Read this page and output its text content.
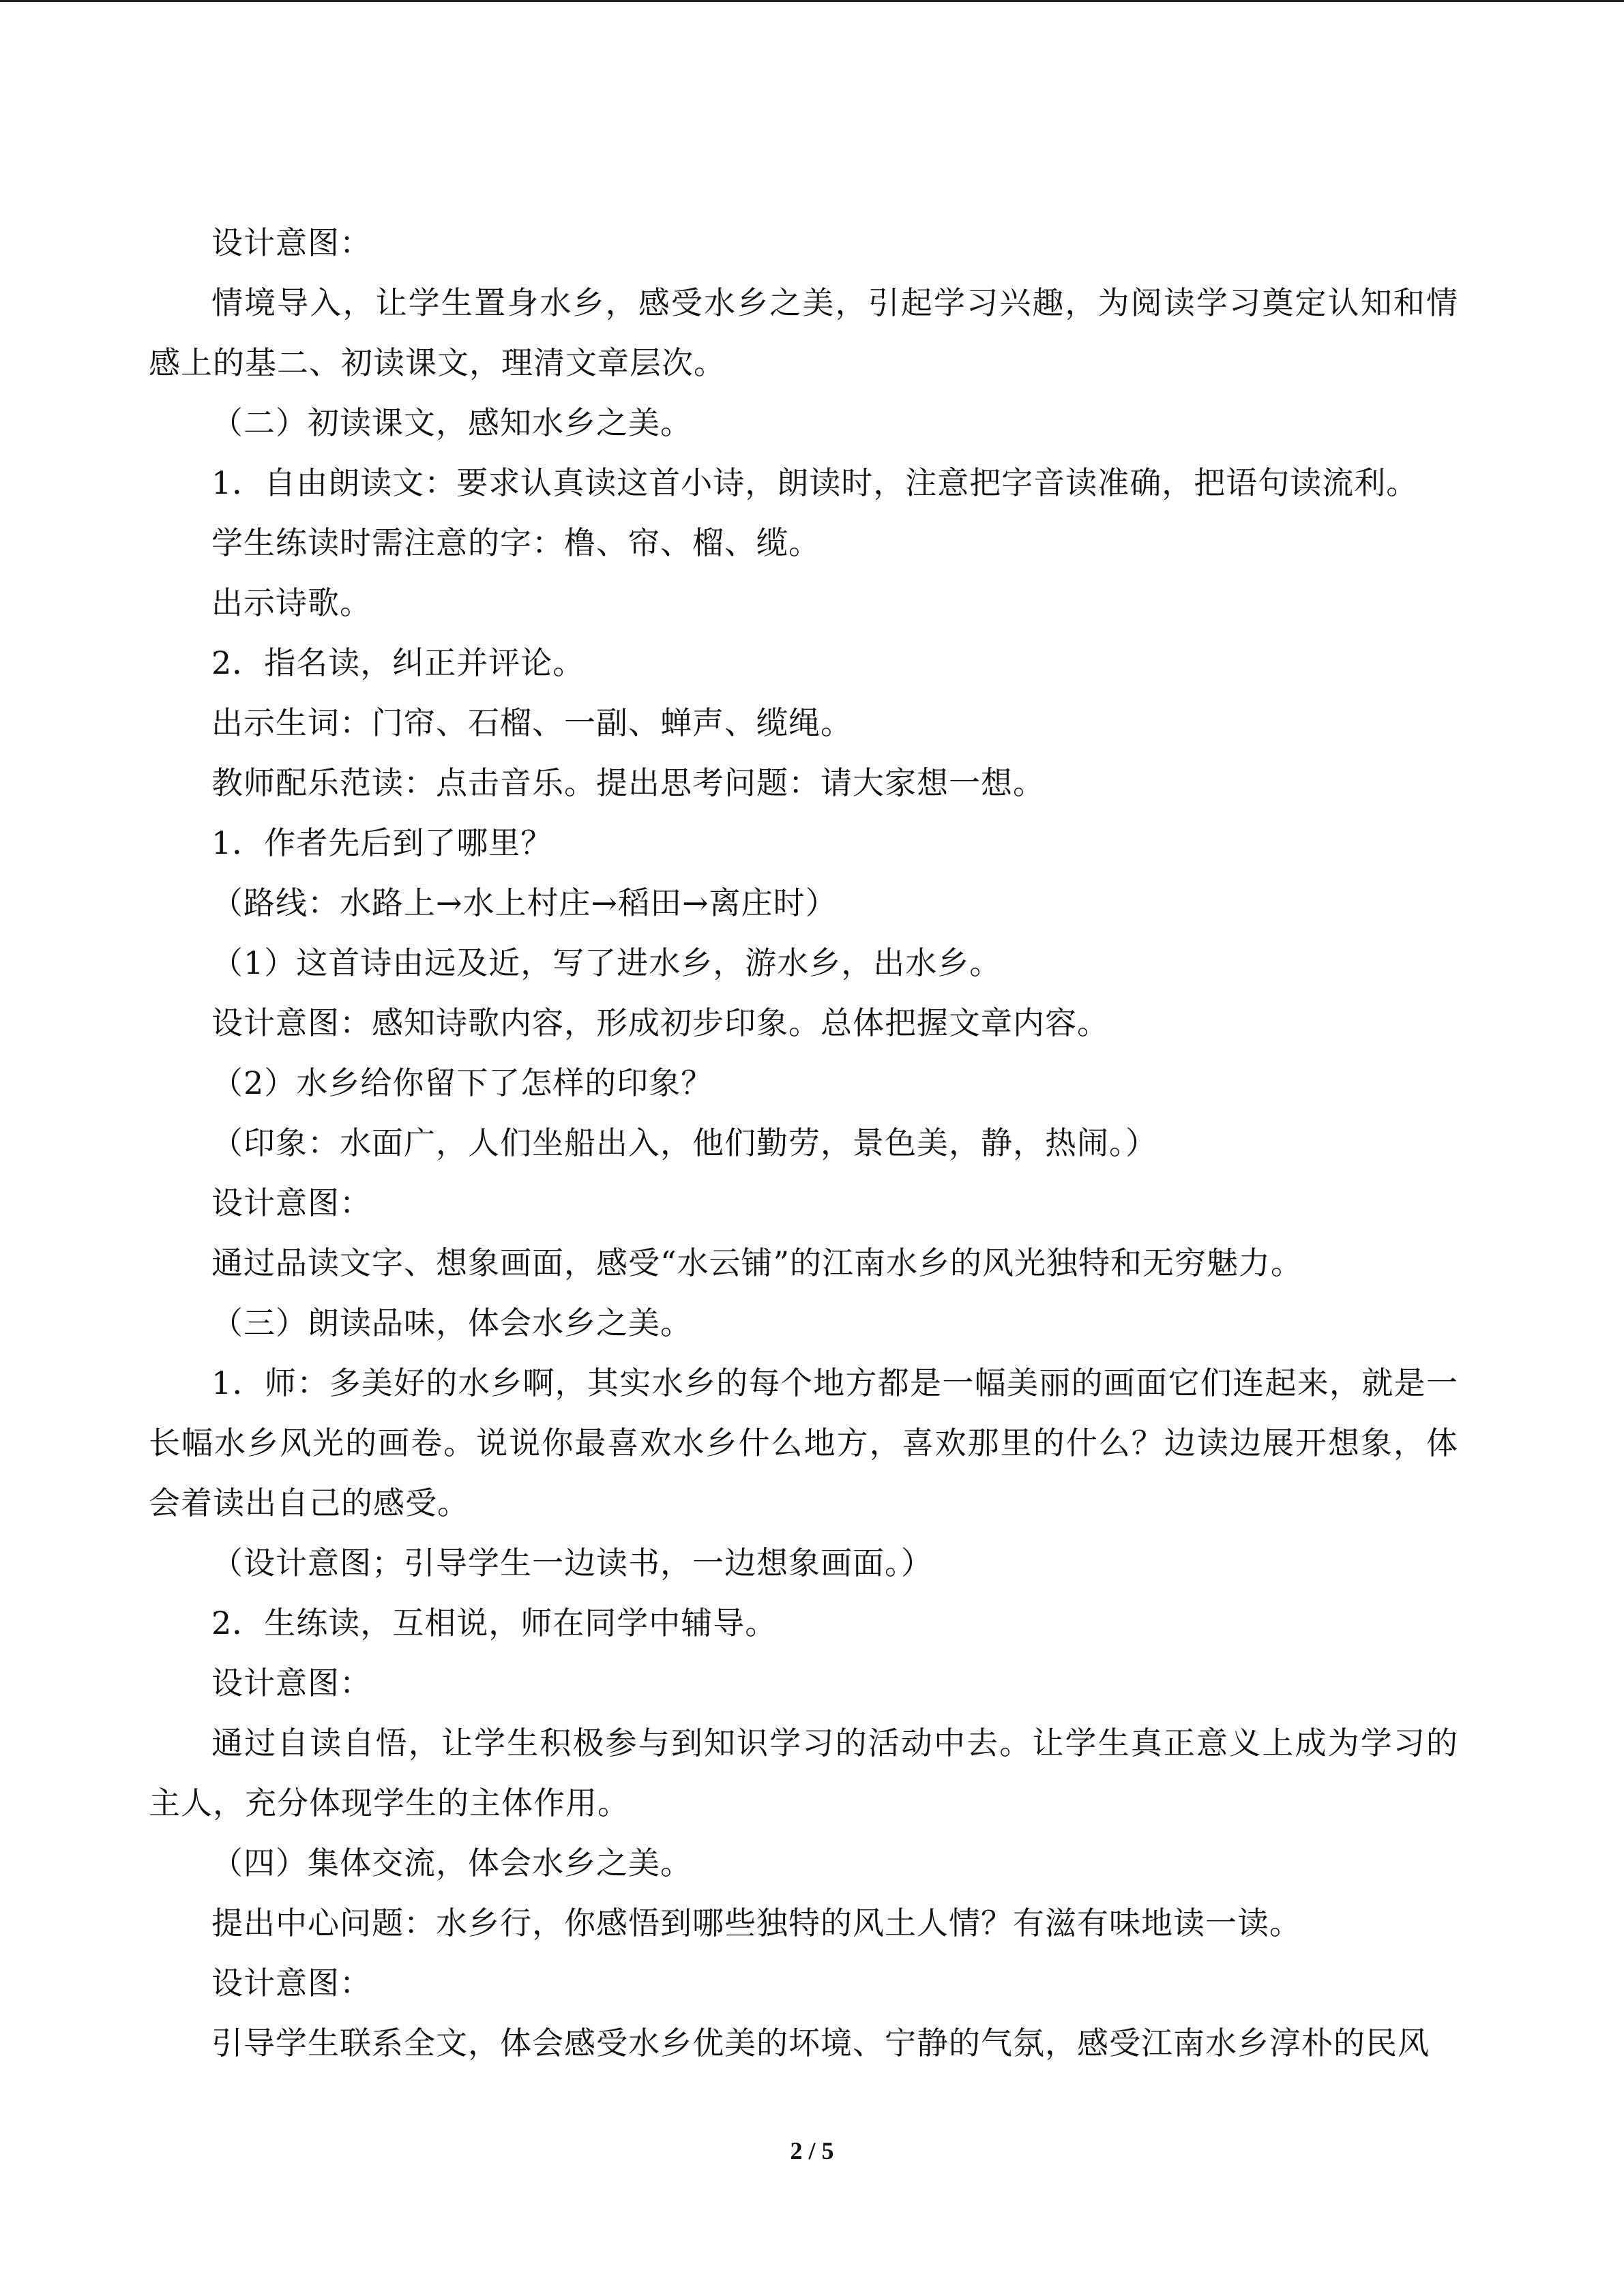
设计意图：

情境导入，让学生置身水乡，感受水乡之美，引起学习兴趣，为阅读学习奠定认知和情感上的基二、初读课文，理清文章层次。

（二）初读课文，感知水乡之美。

1．自由朗读文：要求认真读这首小诗，朗读时，注意把字音读准确，把语句读流利。

学生练读时需注意的字：橹、帘、榴、缆。

出示诗歌。

2．指名读，纠正并评论。

出示生词：门帘、石榴、一副、蝉声、缆绳。

教师配乐范读：点击音乐。提出思考问题：请大家想一想。

1．作者先后到了哪里？

（路线：水路上→水上村庄→稻田→离庄时）

（1）这首诗由远及近，写了进水乡，游水乡，出水乡。

设计意图：感知诗歌内容，形成初步印象。总体把握文章内容。

（2）水乡给你留下了怎样的印象？

（印象：水面广，人们坐船出入，他们勤劳，景色美，静，热闹。）

设计意图：

通过品读文字、想象画面，感受“水云铺”的江南水乡的风光独特和无穷魅力。

（三）朗读品味，体会水乡之美。

1．师：多美好的水乡啊，其实水乡的每个地方都是一幅美丽的画面它们连起来，就是一长幅水乡风光的画卷。说说你最喜欢水乡什么地方，喜欢那里的什么？边读边展开想象，体会着读出自己的感受。

（设计意图；引导学生一边读书，一边想象画面。）

2．生练读，互相说，师在同学中辅导。

设计意图：

通过自读自悟，让学生积极参与到知识学习的活动中去。让学生真正意义上成为学习的主人，充分体现学生的主体作用。

（四）集体交流，体会水乡之美。

提出中心问题：水乡行，你感悟到哪些独特的风土人情？有滋有味地读一读。

设计意图：

引导学生联系全文，体会感受水乡优美的坏境、宁静的气氛，感受江南水乡淳朴的民风

2 / 5
